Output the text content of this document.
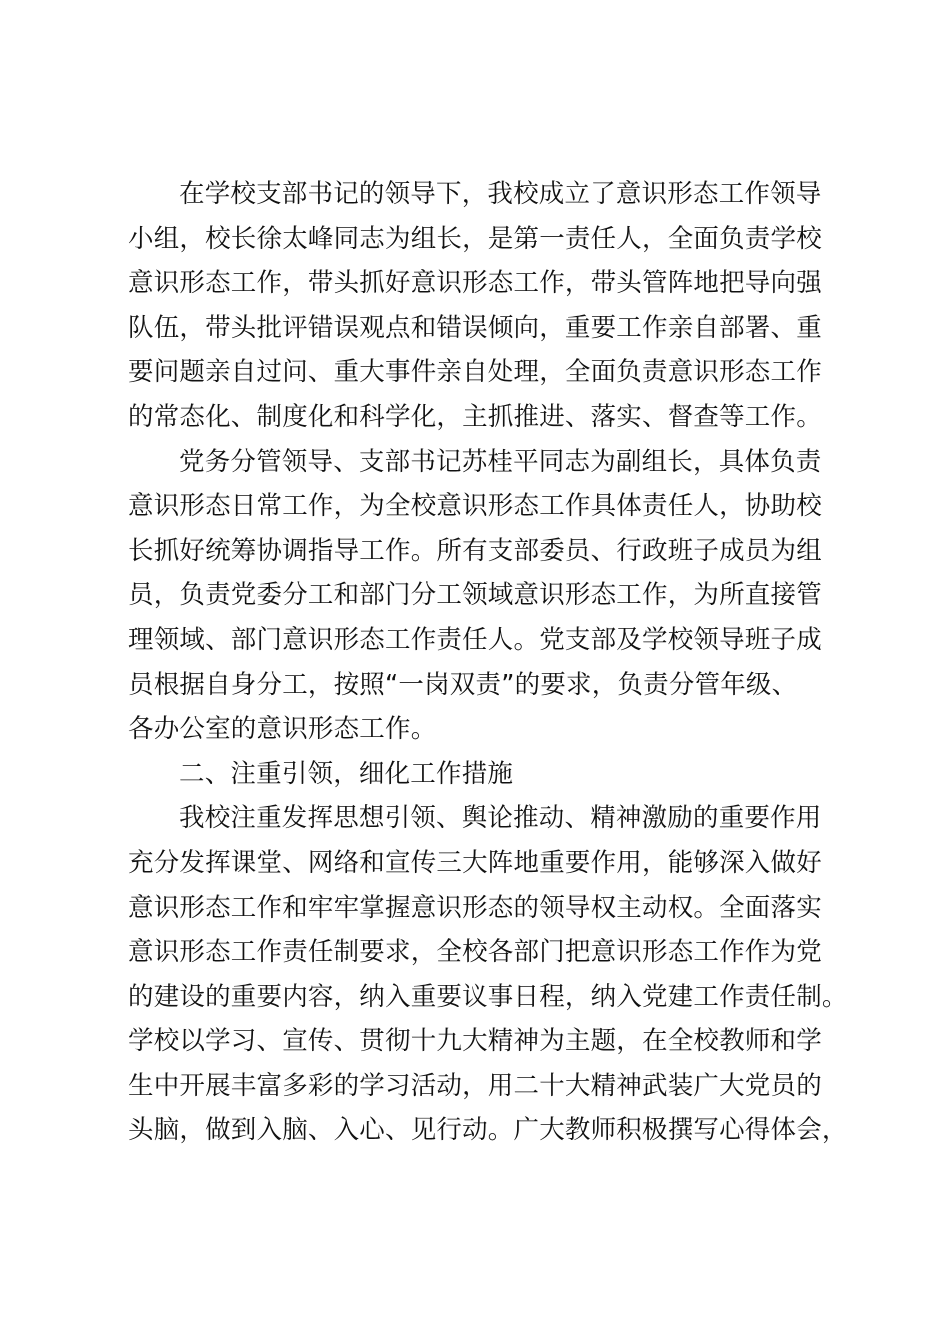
在学校支部书记的领导下，我校成立了意识形态工作领导
小组，校长徐太峰同志为组长，是第一责任人，全面负责学校
意识形态工作，带头抓好意识形态工作，带头管阵地把导向强
队伍，带头批评错误观点和错误倾向，重要工作亲自部署、重
要问题亲自过问、重大事件亲自处理，全面负责意识形态工作
的常态化、制度化和科学化，主抓推进、落实、督查等工作。
党务分管领导、支部书记苏桂平同志为副组长，具体负责
意识形态日常工作，为全校意识形态工作具体责任人，协助校
长抓好统筹协调指导工作。所有支部委员、行政班子成员为组
员，负责党委分工和部门分工领域意识形态工作，为所直接管
理领域、部门意识形态工作责任人。党支部及学校领导班子成
员根据自身分工，按照“一岗双责”的要求，负责分管年级、
各办公室的意识形态工作。
二、注重引领，细化工作措施
我校注重发挥思想引领、舆论推动、精神激励的重要作用
充分发挥课堂、网络和宣传三大阵地重要作用，能够深入做好
意识形态工作和牢牢掌握意识形态的领导权主动权。全面落实
意识形态工作责任制要求，全校各部门把意识形态工作作为党
的建设的重要内容，纳入重要议事日程，纳入党建工作责任制。
学校以学习、宣传、贯彻十九大精神为主题，在全校教师和学
生中开展丰富多彩的学习活动，用二十大精神武装广大党员的
头脑，做到入脑、入心、见行动。广大教师积极撰写心得体会，
